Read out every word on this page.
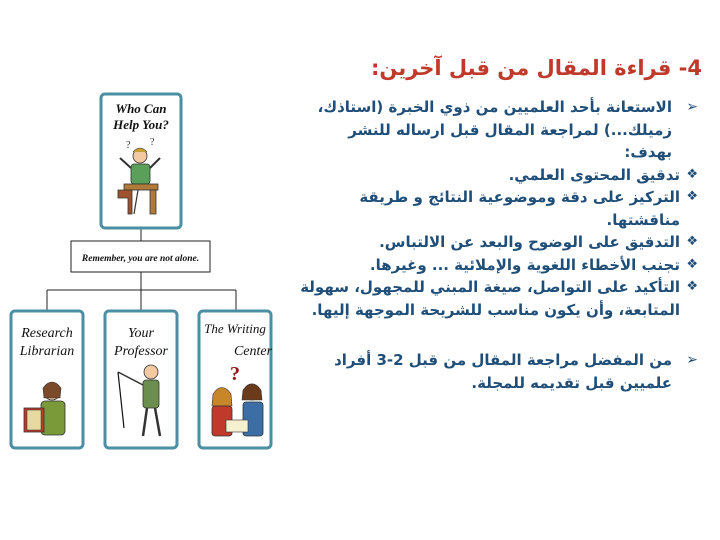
4- قراءة المقال من قبل آخرين:
➢
الاستعانة بأحد العلميين من ذوي الخبرة (استاذك، زميلك...) لمراجعة المقال قبل ارساله للنشر بهدف:
❖
تدقيق المحتوى العلمي.
❖
التركيز على دقة وموضوعية النتائج و طريقة مناقشتها.
❖
التدقيق على الوضوح والبعد عن الالتباس.
❖
تجنب الأخطاء اللغوية والإملائية ... وغيرها.
❖
التأكيد على التواصل، صيغة المبني للمجهول، سهولة المتابعة، وأن يكون مناسب للشريحة الموجهة إليها.
➢
من المفضل مراجعة المقال من قبل 2-3 أفراد علميين قبل تقديمه للمجلة.
Who Can
Help You?
? ?
Remember, you are not alone.
Research
Librarian
Your
Professor
The Writing
Center
?
